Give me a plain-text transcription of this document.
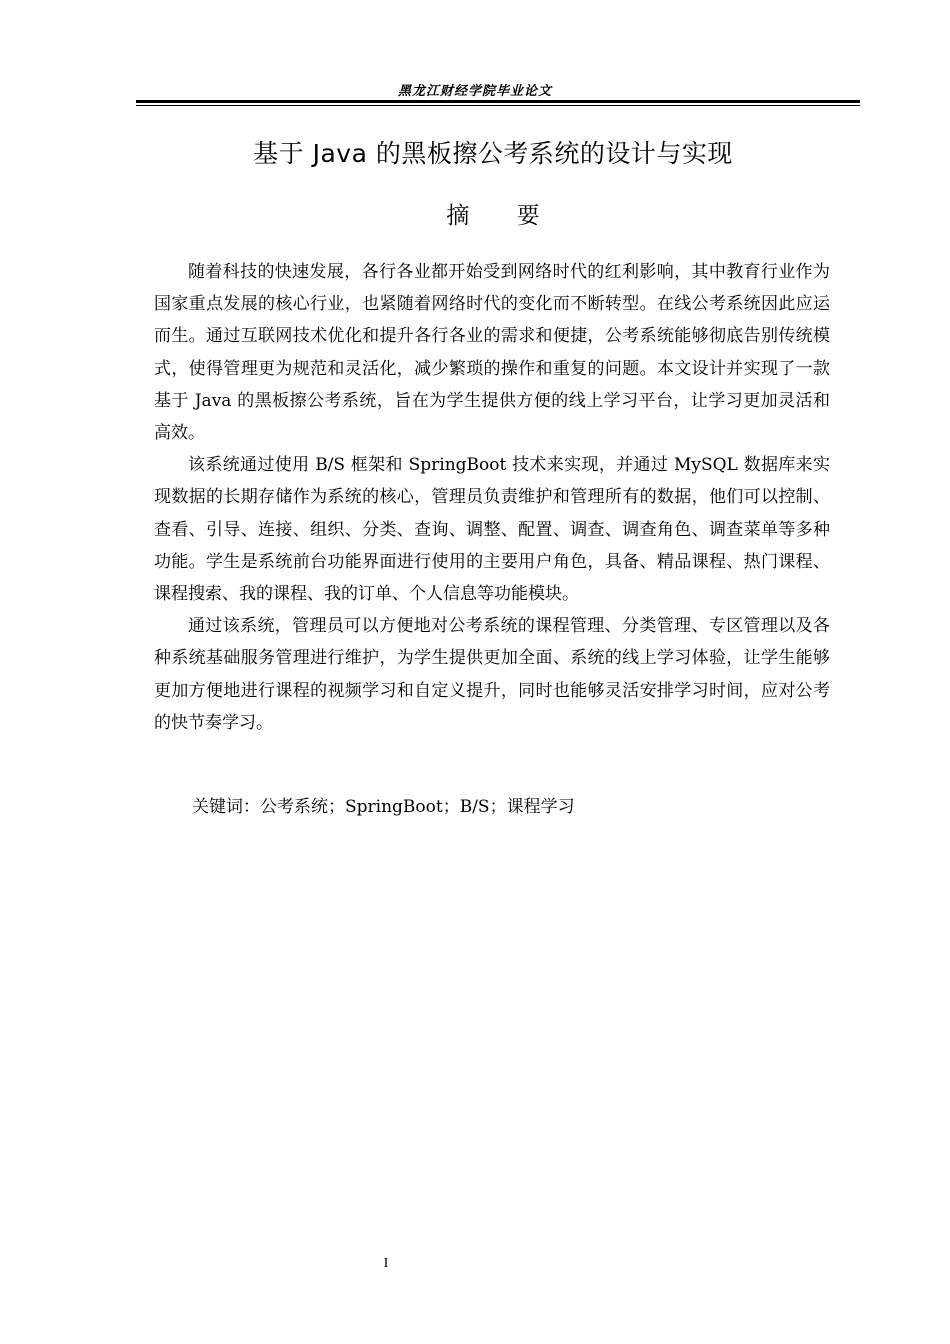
黑龙江财经学院毕业论文
基于 Java 的黑板擦公考系统的设计与实现
摘 要

随着科技的快速发展，各行各业都开始受到网络时代的红利影响，其中教育行业作为国家重点发展的核心行业，也紧随着网络时代的变化而不断转型。在线公考系统因此应运而生。通过互联网技术优化和提升各行各业的需求和便捷，公考系统能够彻底告别传统模式，使得管理更为规范和灵活化，减少繁琐的操作和重复的问题。本文设计并实现了一款基于 Java 的黑板擦公考系统，旨在为学生提供方便的线上学习平台，让学习更加灵活和高效。

该系统通过使用 B/S 框架和 SpringBoot 技术来实现，并通过 MySQL 数据库来实现数据的长期存储作为系统的核心，管理员负责维护和管理所有的数据，他们可以控制、查看、引导、连接、组织、分类、查询、调整、配置、调查、调查角色、调查菜单等多种功能。学生是系统前台功能界面进行使用的主要用户角色，具备、精品课程、热门课程、课程搜索、我的课程、我的订单、个人信息等功能模块。

通过该系统，管理员可以方便地对公考系统的课程管理、分类管理、专区管理以及各种系统基础服务管理进行维护，为学生提供更加全面、系统的线上学习体验，让学生能够更加方便地进行课程的视频学习和自定义提升，同时也能够灵活安排学习时间，应对公考的快节奏学习。

关键词：公考系统；SpringBoot；B/S；课程学习
I
